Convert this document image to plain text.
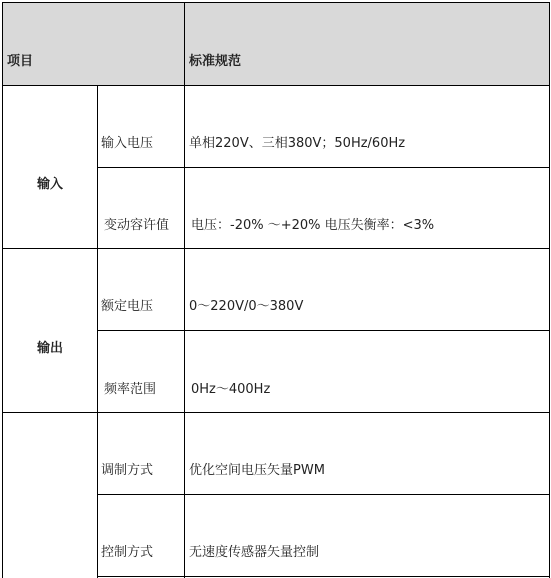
项目	标准规范
输入
输入电压	单相220V、三相380V；50Hz/60Hz
变动容许值 电压：-20% ～+20% 电压失衡率：<3%
输出
额定电压	0～220V/0～380V
频率范围	0Hz～400Hz
调制方式	优化空间电压矢量PWM
控制方式	无速度传感器矢量控制
